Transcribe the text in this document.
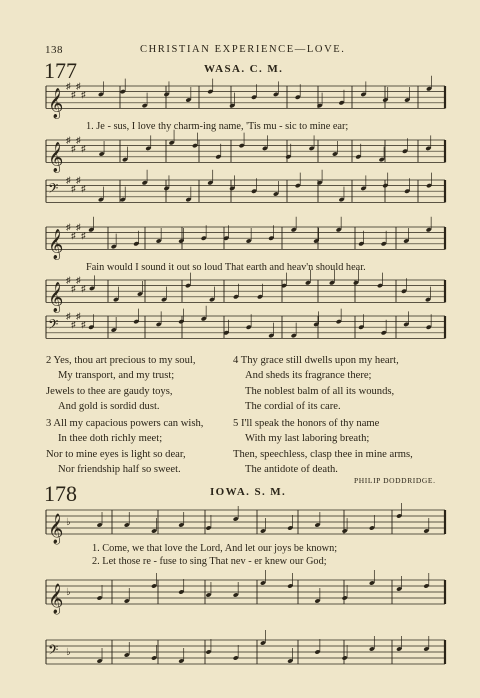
138	CHRISTIAN EXPERIENCE—LOVE.
177	WASA. C. M.
𝄞
♯
♯
♯
♯
𝄞
♯
♯
♯
♯
𝄢
♯
♯
♯
♯
𝄞
♯
♯
♯
♯
𝄞
♯
♯
♯
♯
𝄢
♯
♯
♯
♯
𝄞 ♭
𝄞 ♭
𝄢 ♭
1. Je - sus, I love thy charm-ing name, 'Tis mu - sic to mine ear;
Fain would I sound it out so loud That earth and heav'n should hear.
2 Yes, thou art precious to my soul,
My transport, and my trust;
Jewels to thee are gaudy toys,
And gold is sordid dust.
3 All my capacious powers can wish,
In thee doth richly meet;
Nor to mine eyes is light so dear,
Nor friendship half so sweet.
4 Thy grace still dwells upon my heart,
And sheds its fragrance there;
The noblest balm of all its wounds,
The cordial of its care.
5 I'll speak the honors of thy name
With my last laboring breath;
Then, speechless, clasp thee in mine arms,
The antidote of death.
PHILIP DODDRIDGE.
178	IOWA. S. M.
1. Come, we that love the Lord, And let our joys be known;
2. Let those re - fuse to sing That nev - er knew our God;
